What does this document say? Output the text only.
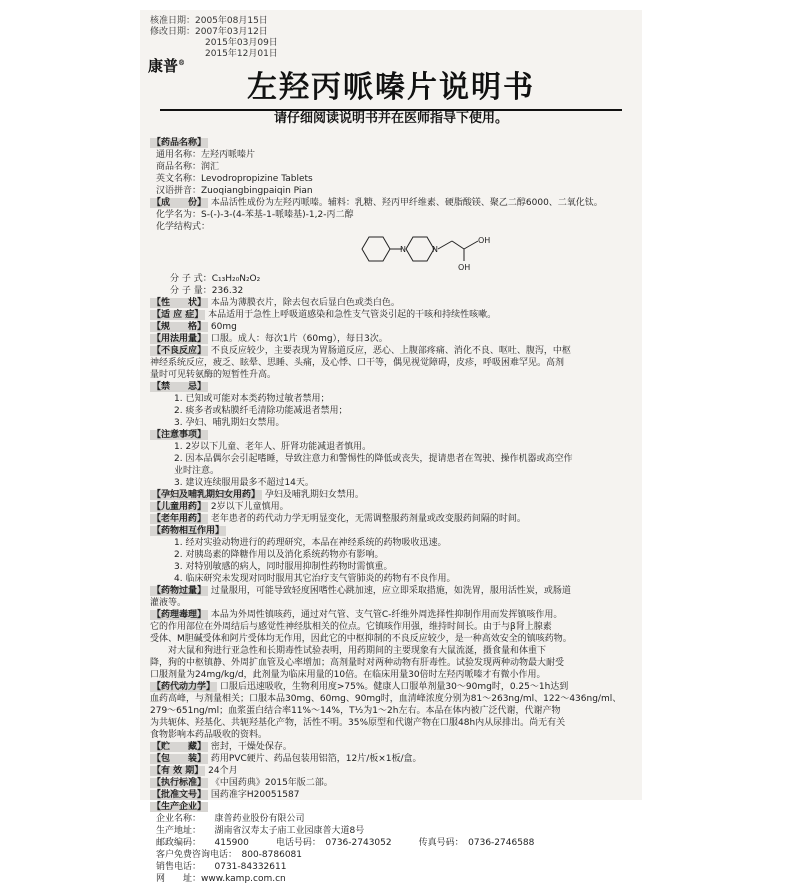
核准日期：2005年08月15日
修改日期：2007年03月12日
2015年03月09日
2015年12月01日
康普®
左羟丙哌嗪片说明书
请仔细阅读说明书并在医师指导下使用。
【药品名称】
通用名称：左羟丙哌嗪片
商品名称：润汇
英文名称：Levodropropizine Tablets
汉语拼音：Zuoqiangbingpaiqin Pian
【成　　份】 本品活性成份为左羟丙哌嗪。辅料：乳糖、羟丙甲纤维素、硬脂酸镁、聚乙二醇6000、二氧化钛。
化学名为：S-(-)-3-(4-苯基-1-哌嗪基)-1,2-丙二醇
化学结构式：
N	N
OH
OH
分 子 式：C₁₃H₂₀N₂O₂
分 子 量：236.32
【性　　状】 本品为薄膜衣片，除去包衣后显白色或类白色。
【适 应 症】 本品适用于急性上呼吸道感染和急性支气管炎引起的干咳和持续性咳嗽。
【规　　格】 60mg
【用法用量】 口服。成人：每次1片（60mg），每日3次。
【不良反应】 不良反应较少，主要表现为胃肠道反应，恶心、上腹部疼痛、消化不良、呕吐、腹泻，中枢
神经系统反应，疲乏、眩晕、思睡、头痛，及心悸、口干等，偶见视觉障碍，皮疹，呼吸困难罕见。高剂
量时可见转氨酶的短暂性升高。
【禁　　忌】
1. 已知或可能对本类药物过敏者禁用；
2. 痰多者或粘膜纤毛清除功能减退者禁用；
3. 孕妇、哺乳期妇女禁用。
【注意事项】
1. 2岁以下儿童、老年人、肝肾功能减退者慎用。
2. 因本品偶尔会引起嗜睡，导致注意力和警惕性的降低或丧失，提请患者在驾驶、操作机器或高空作
业时注意。
3. 建议连续服用最多不超过14天。
【孕妇及哺乳期妇女用药】 孕妇及哺乳期妇女禁用。
【儿童用药】 2岁以下儿童慎用。
【老年用药】 老年患者的药代动力学无明显变化，无需调整服药剂量或改变服药间隔的时间。
【药物相互作用】
1. 经对实验动物进行的药理研究，本品在神经系统的药物吸收迅速。
2. 对胰岛素的降糖作用以及消化系统药物亦有影响。
3. 对特别敏感的病人，同时服用抑制性药物时需慎重。
4. 临床研究未发现对同时服用其它治疗支气管肺炎的药物有不良作用。
【药物过量】 过量服用，可能导致轻度困嗜性心跳加速，应立即采取措施，如洗胃，服用活性炭，或肠道
灌液等。
【药理毒理】 本品为外周性镇咳药，通过对气管、支气管C-纤维外周选择性抑制作用而发挥镇咳作用。
它的作用部位在外周结后与感觉性神经肽相关的位点。它镇咳作用强，维持时间长。由于与β肾上腺素
受体、M胆碱受体和阿片受体均无作用，因此它的中枢抑制的不良反应较少，是一种高效安全的镇咳药物。
　　对大鼠和狗进行亚急性和长期毒性试验表明，用药期间的主要现象有大鼠流涎，摄食量和体重下
降，狗的中枢镇静、外周扩血管及心率增加；高剂量时对两种动物有肝毒性。试验发现两种动物最大耐受
口服剂量为24mg/kg/d，此剂量为临床用量的10倍。在临床用量30倍时左羟丙哌嗪才有微小作用。
【药代动力学】 口服后迅速吸收，生物利用度>75%。健康人口服单剂量30～90mg时，0.25～1h达到
血药高峰，与剂量相关；口服本品30mg、60mg、90mg时，血清峰浓度分别为81～263ng/ml、122～436ng/ml、
279～651ng/ml；血浆蛋白结合率11%～14%，T½为1～2h左右。本品在体内被广泛代谢，代谢产物
为共轭体、羟基化、共轭羟基化产物，活性不明。35%原型和代谢产物在口服48h内从尿排出。尚无有关
食物影响本药品吸收的资料。
【贮　　藏】 密封，干燥处保存。
【包　　装】 药用PVC硬片、药品包装用铝箔，12片/板×1板/盒。
【有 效 期】 24个月
【执行标准】 《中国药典》2015年版二部。
【批准文号】 国药准字H20051587
【生产企业】
企业名称：　　康普药业股份有限公司
生产地址：　　湖南省汉寿太子庙工业园康普大道8号
邮政编码：　　415900　　　	电话号码：　0736-2743052　　　	传真号码：　0736-2746588
客户免费咨询电话：　800-8786081
销售电话：　　0731-84332611
网　　址：www.kamp.com.cn
